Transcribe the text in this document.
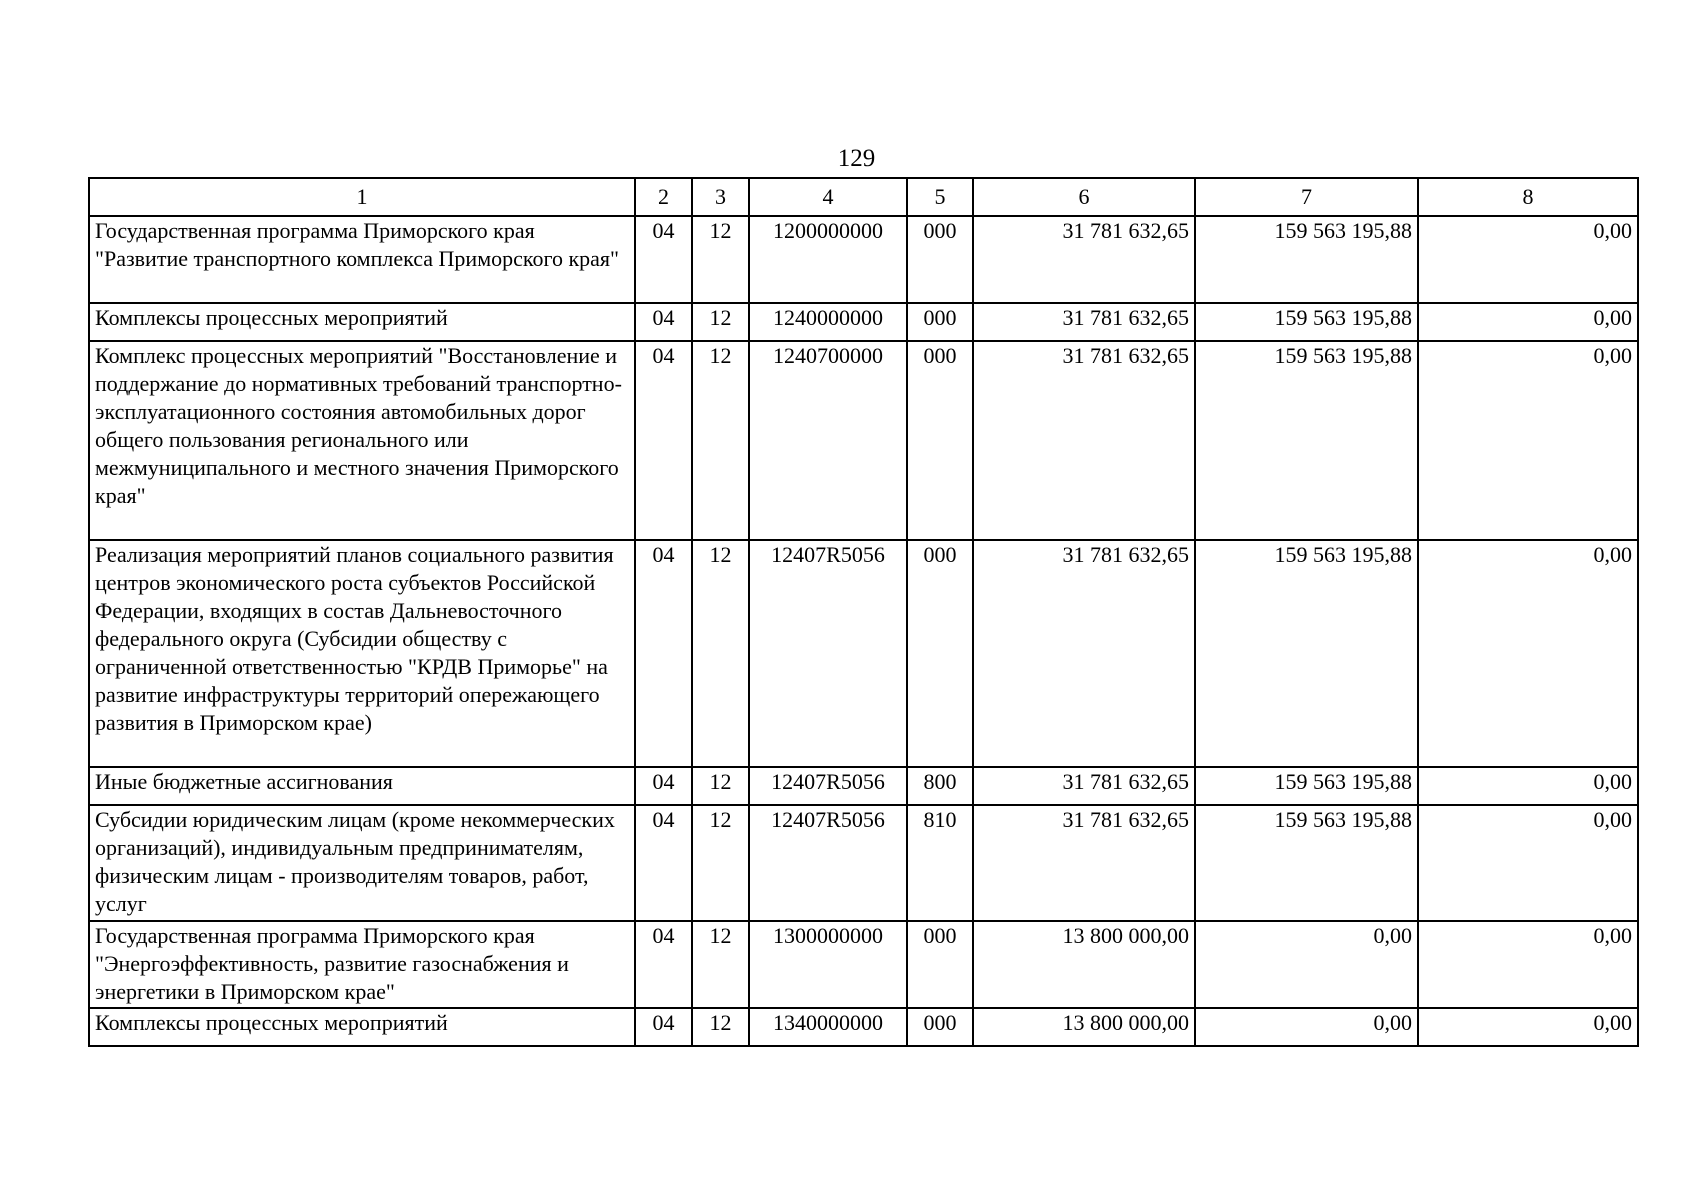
129
1	2	3	4	5	6	7	8
Государственная программа Приморского края "Развитие транспортного комплекса Приморского края"	04	12	1200000000	000	31 781 632,65	159 563 195,88	0,00
Комплексы процессных мероприятий	04	12	1240000000	000	31 781 632,65	159 563 195,88	0,00
Комплекс процессных мероприятий "Восстановление и поддержание до нормативных требований транспортно-эксплуатационного состояния автомобильных дорог общего пользования регионального или межмуниципального и местного значения Приморского края"	04	12	1240700000	000	31 781 632,65	159 563 195,88	0,00
Реализация мероприятий планов социального развития центров экономического роста субъектов Российской Федерации, входящих в состав Дальневосточного федерального округа (Субсидии обществу с ограниченной ответственностью "КРДВ Приморье" на развитие инфраструктуры территорий опережающего развития в Приморском крае)	04	12	12407R5056	000	31 781 632,65	159 563 195,88	0,00
Иные бюджетные ассигнования	04	12	12407R5056	800	31 781 632,65	159 563 195,88	0,00
Субсидии юридическим лицам (кроме некоммерческих организаций), индивидуальным предпринимателям, физическим лицам - производителям товаров, работ, услуг	04	12	12407R5056	810	31 781 632,65	159 563 195,88	0,00
Государственная программа Приморского края "Энергоэффективность, развитие газоснабжения и энергетики в Приморском крае"	04	12	1300000000	000	13 800 000,00	0,00	0,00
Комплексы процессных мероприятий	04	12	1340000000	000	13 800 000,00	0,00	0,00
